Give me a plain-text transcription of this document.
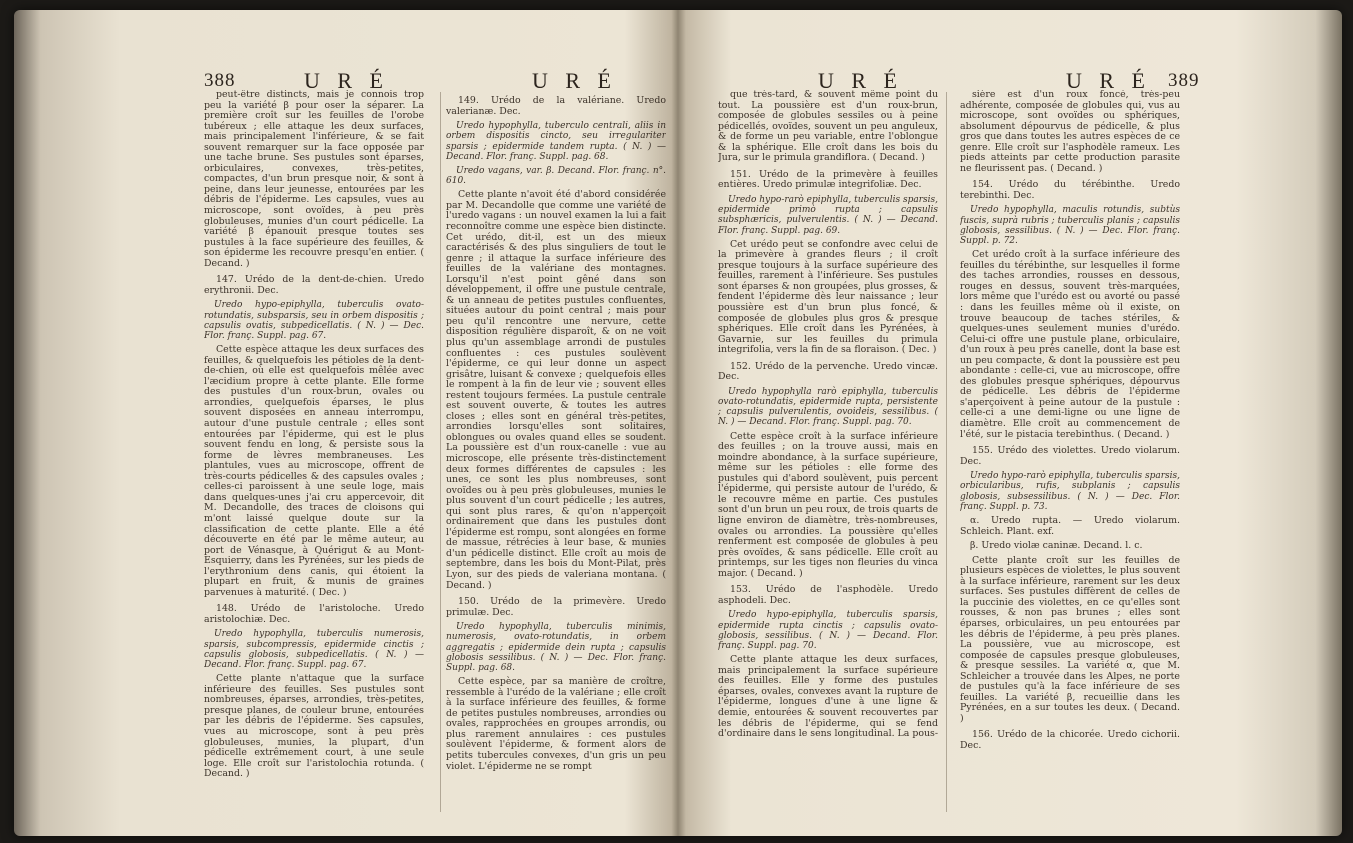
388	U R É	U R É

peut-être distincts, mais je connois trop peu la variété β pour oser la séparer. La première croît sur les feuilles de l'orobe tubéreux ; elle attaque les deux surfaces, mais principalement l'inférieure, & se fait souvent remarquer sur la face opposée par une tache brune. Ses pustules sont éparses, orbiculaires, convexes, très-petites, compactes, d'un brun presque noir, & sont à peine, dans leur jeunesse, entourées par les débris de l'épiderme. Les capsules, vues au microscope, sont ovoïdes, à peu près globuleuses, munies d'un court pédicelle. La variété β épanouit presque toutes ses pustules à la face supérieure des feuilles, & son épiderme les recouvre presqu'en entier. ( Decand. )

147. Urédo de la dent-de-chien. Uredo erythronii. Dec.

Uredo hypo-epiphylla, tuberculis ovato-rotundatis, subsparsis, seu in orbem dispositis ; capsulis ovatis, subpedicellatis. ( N. ) — Dec. Flor. franç. Suppl. pag. 67.

Cette espèce attaque les deux surfaces des feuilles, & quelquefois les pétioles de la dent-de-chien, où elle est quelquefois mêlée avec l'æcidium propre à cette plante. Elle forme des pustules d'un roux-brun, ovales ou arrondies, quelquefois éparses, le plus souvent disposées en anneau interrompu, autour d'une pustule centrale ; elles sont entourées par l'épiderme, qui est le plus souvent fendu en long, & persiste sous la forme de lèvres membraneuses. Les plantules, vues au microscope, offrent de très-courts pédicelles & des capsules ovales ; celles-ci paroissent à une seule loge, mais dans quelques-unes j'ai cru appercevoir, dit M. Decandolle, des traces de cloisons qui m'ont laissé quelque doute sur la classification de cette plante. Elle a été découverte en été par le même auteur, au port de Vénasque, à Quérigut & au Mont-Esquierry, dans les Pyrénées, sur les pieds de l'erythronium dens canis, qui étoient la plupart en fruit, & munis de graines parvenues à maturité. ( Dec. )

148. Urédo de l'aristoloche. Uredo aristolochiæ. Dec.

Uredo hypophylla, tuberculis numerosis, sparsis, subcompressis, epidermide cinctis ; capsulis globosis, subpedicellatis. ( N. ) — Decand. Flor. franç. Suppl. pag. 67.

Cette plante n'attaque que la surface inférieure des feuilles. Ses pustules sont nombreuses, éparses, arrondies, très-petites, presque planes, de couleur brune, entourées par les débris de l'épiderme. Ses capsules, vues au microscope, sont à peu près globuleuses, munies, la plupart, d'un pédicelle extrêmement court, à une seule loge. Elle croît sur l'aristolochia rotunda. ( Decand. )

149. Urédo de la valériane. Uredo valerianæ. Dec.

Uredo hypophylla, tuberculo centrali, aliis in orbem dispositis cincto, seu irregulariter sparsis ; epidermide tandem rupta. ( N. ) — Decand. Flor. franç. Suppl. pag. 68.

Uredo vagans, var. β. Decand. Flor. franç. n°. 610.

Cette plante n'avoit été d'abord considérée par M. Decandolle que comme une variété de l'uredo vagans : un nouvel examen la lui a fait reconnoître comme une espèce bien distincte. Cet urédo, dit-il, est un des mieux caractérisés & des plus singuliers de tout le genre ; il attaque la surface inférieure des feuilles de la valériane des montagnes. Lorsqu'il n'est point gêné dans son développement, il offre une pustule centrale, & un anneau de petites pustules confluentes, situées autour du point central ; mais pour peu qu'il rencontre une nervure, cette disposition régulière disparoît, & on ne voit plus qu'un assemblage arrondi de pustules confluentes : ces pustules soulèvent l'épiderme, ce qui leur donne un aspect grisâtre, luisant & convexe ; quelquefois elles le rompent à la fin de leur vie ; souvent elles restent toujours fermées. La pustule centrale est souvent ouverte, & toutes les autres closes ; elles sont en général très-petites, arrondies lorsqu'elles sont solitaires, oblongues ou ovales quand elles se soudent. La poussière est d'un roux-canelle : vue au microscope, elle présente très-distinctement deux formes différentes de capsules : les unes, ce sont les plus nombreuses, sont ovoïdes ou à peu près globuleuses, munies le plus souvent d'un court pédicelle ; les autres, qui sont plus rares, & qu'on n'apperçoit ordinairement que dans les pustules dont l'épiderme est rompu, sont alongées en forme de massue, rétrécies à leur base, & munies d'un pédicelle distinct. Elle croît au mois de septembre, dans les bois du Mont-Pilat, près Lyon, sur des pieds de valeriana montana. ( Decand. )

150. Urédo de la primevère. Uredo primulæ. Dec.

Uredo hypophylla, tuberculis minimis, numerosis, ovato-rotundatis, in orbem aggregatis ; epidermide dein rupta ; capsulis globosis sessilibus. ( N. ) — Dec. Flor. franç. Suppl. pag. 68.

Cette espèce, par sa manière de croître, ressemble à l'urédo de la valériane ; elle croît à la surface inférieure des feuilles, & forme de petites pustules nombreuses, arrondies ou ovales, rapprochées en groupes arrondis, ou plus rarement annulaires : ces pustules soulèvent l'épiderme, & forment alors de petits tubercules convexes, d'un gris un peu violet. L'épiderme ne se rompt

U R É	U R É 389

que très-tard, & souvent même point du tout. La poussière est d'un roux-brun, composée de globules sessiles ou à peine pédicellés, ovoïdes, souvent un peu anguleux, & de forme un peu variable, entre l'oblongue & la sphérique. Elle croît dans les bois du Jura, sur le primula grandiflora. ( Decand. )

151. Urédo de la primevère à feuilles entières. Uredo primulæ integrifoliæ. Dec.

Uredo hypo-rarò epiphylla, tuberculis sparsis, epidermide primò rupta ; capsulis subsphæricis, pulverulentis. ( N. ) — Decand. Flor. franç. Suppl. pag. 69.

Cet urédo peut se confondre avec celui de la primevère à grandes fleurs ; il croît presque toujours à la surface supérieure des feuilles, rarement à l'inférieure. Ses pustules sont éparses & non groupées, plus grosses, & fendent l'épiderme dès leur naissance ; leur poussière est d'un brun plus foncé, & composée de globules plus gros & presque sphériques. Elle croît dans les Pyrénées, à Gavarnie, sur les feuilles du primula integrifolia, vers la fin de sa floraison. ( Dec. )

152. Urédo de la pervenche. Uredo vincæ. Dec.

Uredo hypophylla rarò epiphylla, tuberculis ovato-rotundatis, epidermide rupta, persistente ; capsulis pulverulentis, ovoideis, sessilibus. ( N. ) — Decand. Flor. franç. Suppl. pag. 70.

Cette espèce croît à la surface inférieure des feuilles ; on la trouve aussi, mais en moindre abondance, à la surface supérieure, même sur les pétioles : elle forme des pustules qui d'abord soulèvent, puis percent l'épiderme, qui persiste autour de l'urédo, & le recouvre même en partie. Ces pustules sont d'un brun un peu roux, de trois quarts de ligne environ de diamètre, très-nombreuses, ovales ou arrondies. La poussière qu'elles renferment est composée de globules à peu près ovoïdes, & sans pédicelle. Elle croît au printemps, sur les tiges non fleuries du vinca major. ( Decand. )

153. Urédo de l'asphodèle. Uredo asphodeli. Dec.

Uredo hypo-epiphylla, tuberculis sparsis, epidermide rupta cinctis ; capsulis ovato-globosis, sessilibus. ( N. ) — Decand. Flor. franç. Suppl. pag. 70.

Cette plante attaque les deux surfaces, mais principalement la surface supérieure des feuilles. Elle y forme des pustules éparses, ovales, convexes avant la rupture de l'épiderme, longues d'une à une ligne & demie, entourées & souvent recouvertes par les débris de l'épiderme, qui se fend d'ordinaire dans le sens longitudinal. La pous-

sière est d'un roux foncé, très-peu adhérente, composée de globules qui, vus au microscope, sont ovoïdes ou sphériques, absolument dépourvus de pédicelle, & plus gros que dans toutes les autres espèces de ce genre. Elle croît sur l'asphodèle rameux. Les pieds atteints par cette production parasite ne fleurissent pas. ( Decand. )

154. Urédo du térébinthe. Uredo terebinthi. Dec.

Uredo hypophylla, maculis rotundis, subtùs fuscis, suprà rubris ; tuberculis planis ; capsulis globosis, sessilibus. ( N. ) — Dec. Flor. franç. Suppl. p. 72.

Cet urédo croît à la surface inférieure des feuilles du térébinthe, sur lesquelles il forme des taches arrondies, rousses en dessous, rouges en dessus, souvent très-marquées, lors même que l'urédo est ou avorté ou passé : dans les feuilles même où il existe, on trouve beaucoup de taches stériles, & quelques-unes seulement munies d'urédo. Celui-ci offre une pustule plane, orbiculaire, d'un roux à peu près canelle, dont la base est un peu compacte, & dont la poussière est peu abondante : celle-ci, vue au microscope, offre des globules presque sphériques, dépourvus de pédicelle. Les débris de l'épiderme s'aperçoivent à peine autour de la pustule : celle-ci a une demi-ligne ou une ligne de diamètre. Elle croît au commencement de l'été, sur le pistacia terebinthus. ( Decand. )

155. Urédo des violettes. Uredo violarum. Dec.

Uredo hypo-rarò epiphylla, tuberculis sparsis, orbicularibus, rufis, subplanis ; capsulis globosis, subsessilibus. ( N. ) — Dec. Flor. franç. Suppl. p. 73.

α. Uredo rupta. — Uredo violarum. Schleich. Plant. exf.

β. Uredo violæ caninæ. Decand. l. c.

Cette plante croît sur les feuilles de plusieurs espèces de violettes, le plus souvent à la surface inférieure, rarement sur les deux surfaces. Ses pustules diffèrent de celles de la puccinie des violettes, en ce qu'elles sont rousses, & non pas brunes ; elles sont éparses, orbiculaires, un peu entourées par les débris de l'épiderme, à peu près planes. La poussière, vue au microscope, est composée de capsules presque globuleuses, & presque sessiles. La variété α, que M. Schleicher a trouvée dans les Alpes, ne porte de pustules qu'à la face inférieure de ses feuilles. La variété β, recueillie dans les Pyrénées, en a sur toutes les deux. ( Decand. )

156. Urédo de la chicorée. Uredo cichorii. Dec.
